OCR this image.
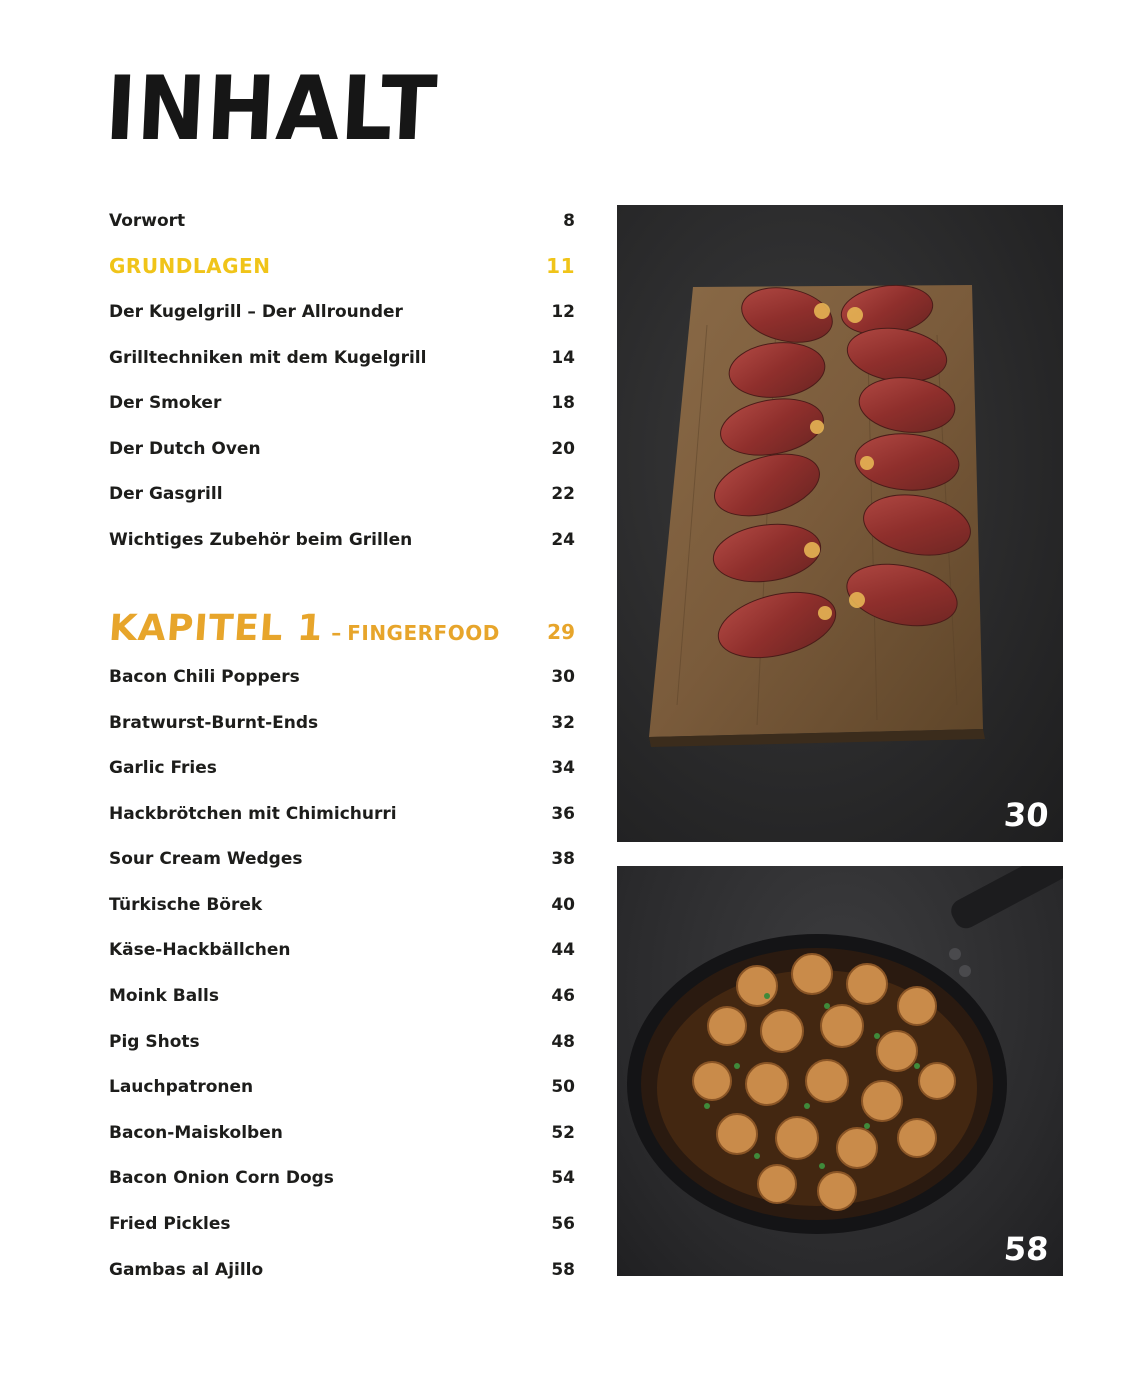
INHALT
Vorwort	8
GRUNDLAGEN	11
Der Kugelgrill – Der Allrounder	12
Grilltechniken mit dem Kugelgrill	14
Der Smoker	18
Der Dutch Oven	20
Der Gasgrill	22
Wichtiges Zubehör beim Grillen	24
KAPITEL 1 – FINGERFOOD 29
Bacon Chili Poppers	30
Bratwurst-Burnt-Ends	32
Garlic Fries	34
Hackbrötchen mit Chimichurri	36
Sour Cream Wedges	38
Türkische Börek	40
Käse-Hackbällchen	44
Moink Balls	46
Pig Shots	48
Lauchpatronen	50
Bacon-Maiskolben	52
Bacon Onion Corn Dogs	54
Fried Pickles	56
Gambas al Ajillo	58
30
58
